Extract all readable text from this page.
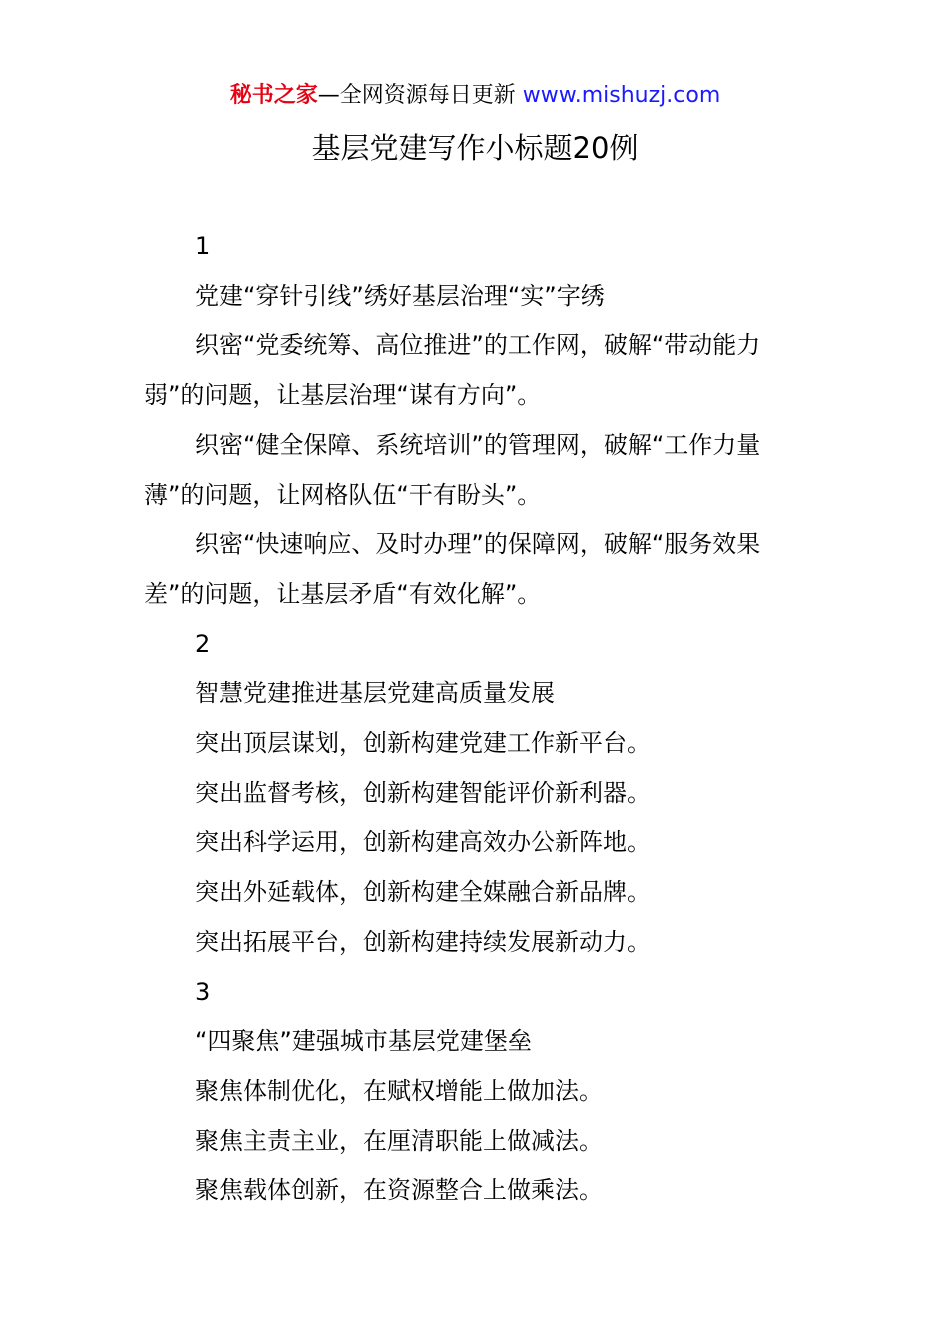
秘书之家—全网资源每日更新 www.mishuzj.com
基层党建写作小标题20例

1

党建“穿针引线”绣好基层治理“实”字绣

织密“党委统筹、高位推进”的工作网，破解“带动能力弱”的问题，让基层治理“谋有方向”。

织密“健全保障、系统培训”的管理网，破解“工作力量薄”的问题，让网格队伍“干有盼头”。

织密“快速响应、及时办理”的保障网，破解“服务效果差”的问题，让基层矛盾“有效化解”。

2

智慧党建推进基层党建高质量发展

突出顶层谋划，创新构建党建工作新平台。

突出监督考核，创新构建智能评价新利器。

突出科学运用，创新构建高效办公新阵地。

突出外延载体，创新构建全媒融合新品牌。

突出拓展平台，创新构建持续发展新动力。

3

“四聚焦”建强城市基层党建堡垒

聚焦体制优化，在赋权增能上做加法。

聚焦主责主业，在厘清职能上做减法。

聚焦载体创新，在资源整合上做乘法。
